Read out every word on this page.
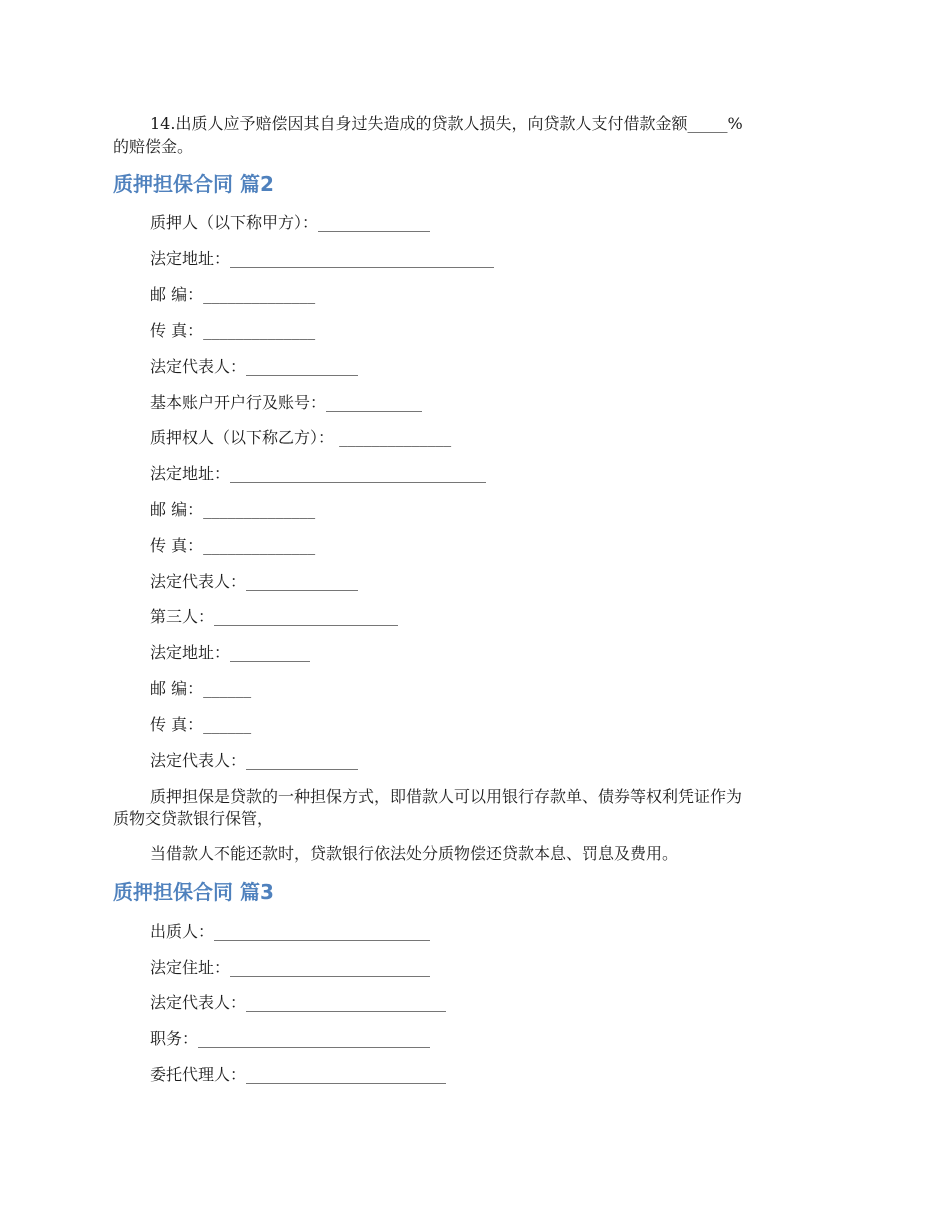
14.出质人应予赔偿因其自身过失造成的贷款人损失，向贷款人支付借款金额_____%

的赔偿金。

质押担保合同 篇2

质押人（以下称甲方）：______________

法定地址：_________________________________

邮 编：______________

传 真：______________

法定代表人：______________

基本账户开户行及账号：____________

质押权人（以下称乙方）： ______________

法定地址：________________________________

邮 编：______________

传 真：______________

法定代表人：______________

第三人：_______________________

法定地址：__________

邮 编：______

传 真：______

法定代表人：______________

质押担保是贷款的一种担保方式，即借款人可以用银行存款单、债券等权利凭证作为

质物交贷款银行保管，

当借款人不能还款时，贷款银行依法处分质物偿还贷款本息、罚息及费用。

质押担保合同 篇3

出质人：___________________________

法定住址：_________________________

法定代表人：_________________________

职务：_____________________________

委托代理人：_________________________
